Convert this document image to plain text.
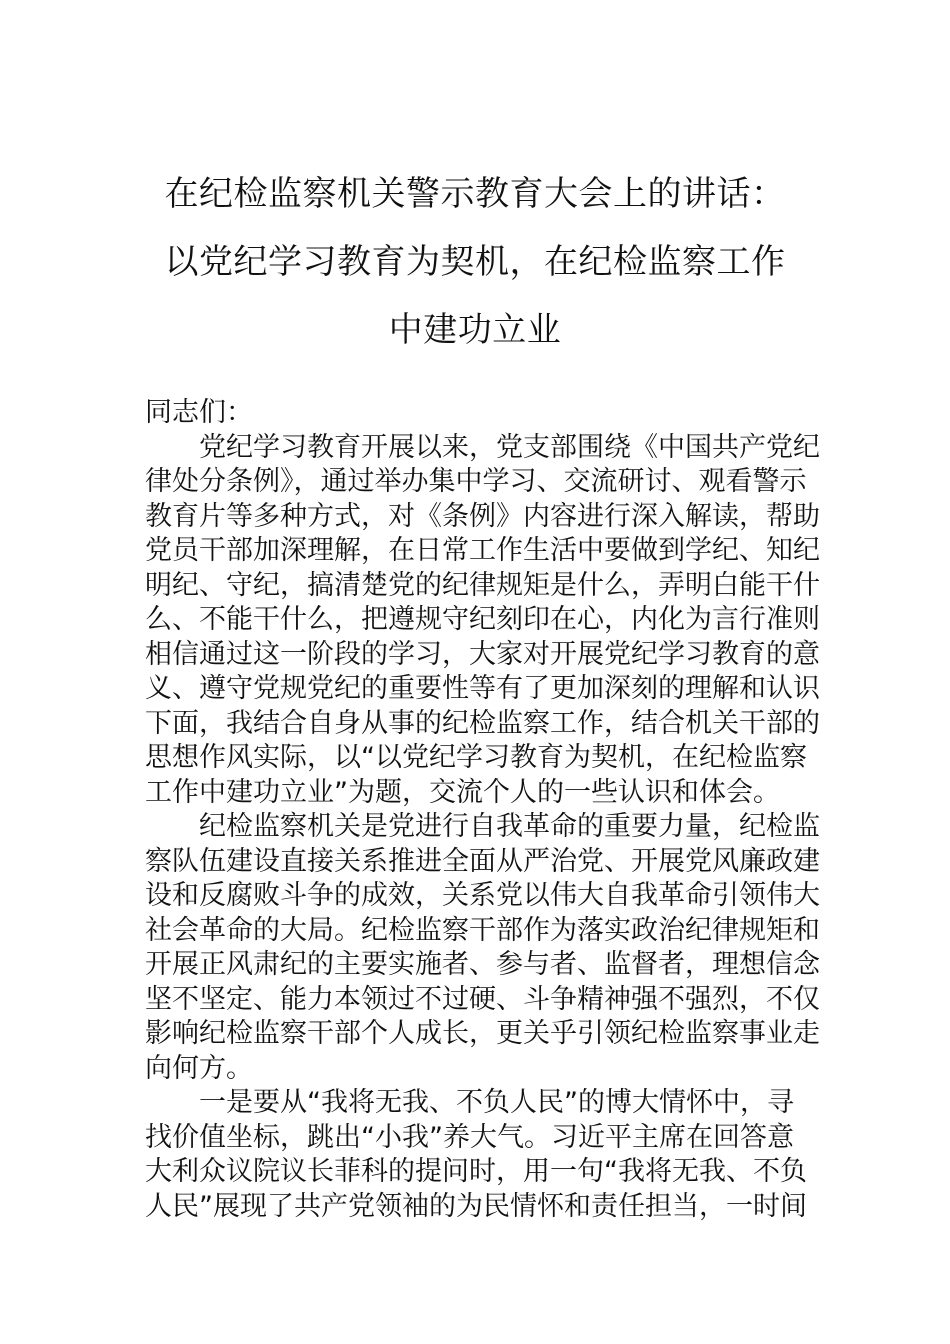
在纪检监察机关警示教育大会上的讲话：
以党纪学习教育为契机，在纪检监察工作
中建功立业
同志们：
党纪学习教育开展以来，党支部围绕《中国共产党纪
律处分条例》，通过举办集中学习、交流研讨、观看警示
教育片等多种方式，对《条例》内容进行深入解读，帮助
党员干部加深理解，在日常工作生活中要做到学纪、知纪
明纪、守纪，搞清楚党的纪律规矩是什么，弄明白能干什
么、不能干什么，把遵规守纪刻印在心，内化为言行准则
相信通过这一阶段的学习，大家对开展党纪学习教育的意
义、遵守党规党纪的重要性等有了更加深刻的理解和认识
下面，我结合自身从事的纪检监察工作，结合机关干部的
思想作风实际，以“以党纪学习教育为契机，在纪检监察
工作中建功立业”为题，交流个人的一些认识和体会。
纪检监察机关是党进行自我革命的重要力量，纪检监
察队伍建设直接关系推进全面从严治党、开展党风廉政建
设和反腐败斗争的成效，关系党以伟大自我革命引领伟大
社会革命的大局。纪检监察干部作为落实政治纪律规矩和
开展正风肃纪的主要实施者、参与者、监督者，理想信念
坚不坚定、能力本领过不过硬、斗争精神强不强烈，不仅
影响纪检监察干部个人成长，更关乎引领纪检监察事业走
向何方。
一是要从“我将无我、不负人民”的博大情怀中，寻
找价值坐标，跳出“小我”养大气。习近平主席在回答意
大利众议院议长菲科的提问时，用一句“我将无我、不负
人民”展现了共产党领袖的为民情怀和责任担当，一时间
